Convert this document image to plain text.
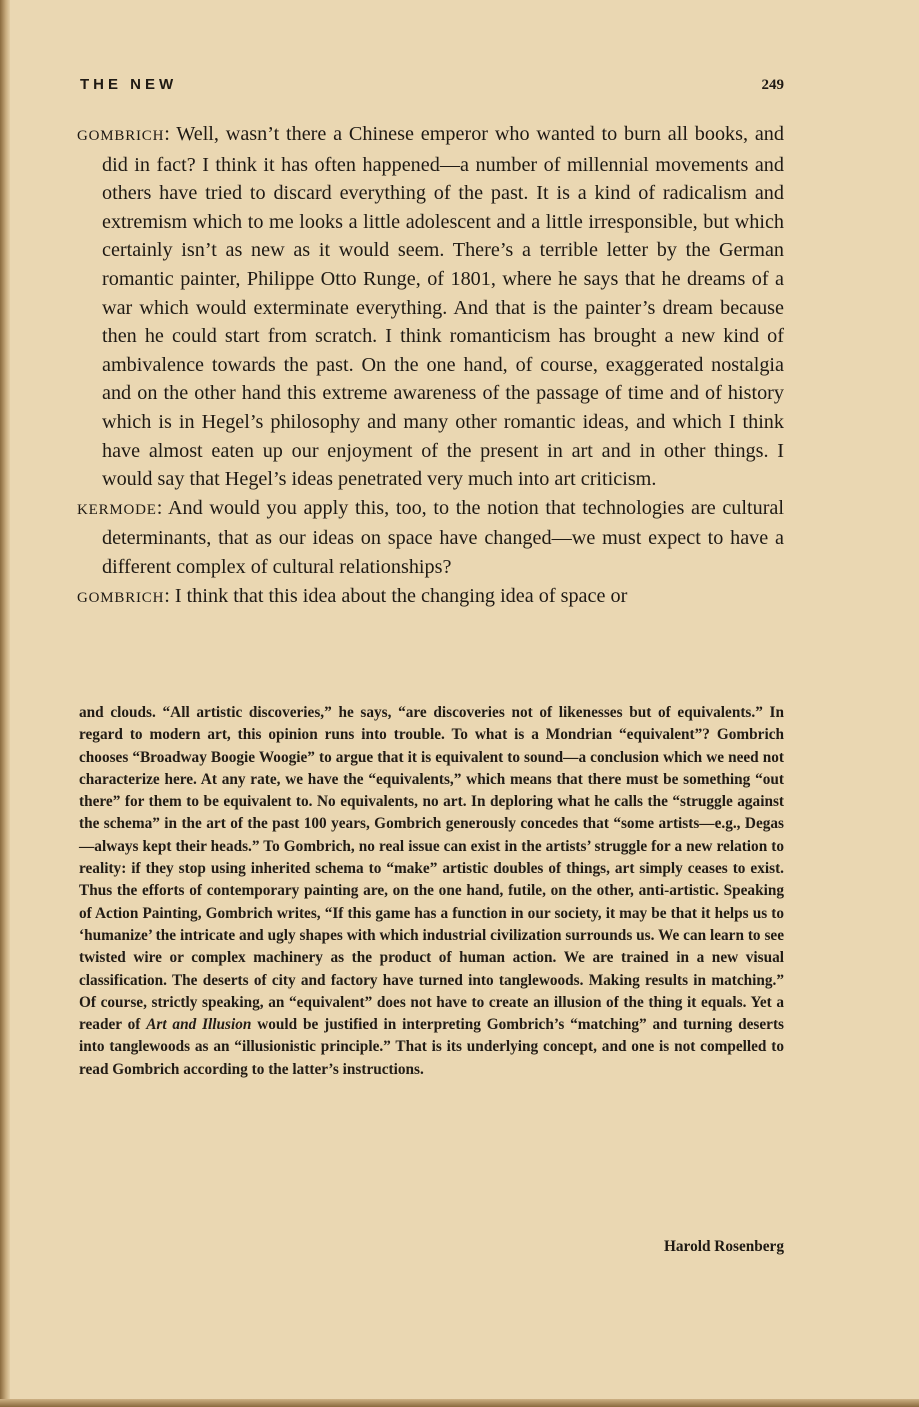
THE NEW	249

GOMBRICH: Well, wasn’t there a Chinese emperor who wanted to burn all books, and did in fact? I think it has often happened—a number of millennial movements and others have tried to discard everything of the past. It is a kind of radicalism and extremism which to me looks a little adolescent and a little irresponsible, but which certainly isn’t as new as it would seem. There’s a terrible letter by the German romantic painter, Philippe Otto Runge, of 1801, where he says that he dreams of a war which would exterminate everything. And that is the painter’s dream because then he could start from scratch. I think romanticism has brought a new kind of ambivalence towards the past. On the one hand, of course, exaggerated nostalgia and on the other hand this extreme awareness of the passage of time and of history which is in Hegel’s philosophy and many other romantic ideas, and which I think have almost eaten up our enjoyment of the present in art and in other things. I would say that Hegel’s ideas penetrated very much into art criticism.

KERMODE: And would you apply this, too, to the notion that technologies are cultural determinants, that as our ideas on space have changed—we must expect to have a different complex of cultural relationships?

GOMBRICH: I think that this idea about the changing idea of space or

and clouds. “All artistic discoveries,” he says, “are discoveries not of likenesses but of equivalents.” In regard to modern art, this opinion runs into trouble. To what is a Mondrian “equivalent”? Gombrich chooses “Broadway Boogie Woogie” to argue that it is equivalent to sound—a conclusion which we need not characterize here. At any rate, we have the “equivalents,” which means that there must be something “out there” for them to be equivalent to. No equivalents, no art. In deploring what he calls the “struggle against the schema” in the art of the past 100 years, Gombrich generously concedes that “some artists—e.g., Degas—always kept their heads.” To Gombrich, no real issue can exist in the artists’ struggle for a new relation to reality: if they stop using inherited schema to “make” artistic doubles of things, art simply ceases to exist. Thus the efforts of contemporary painting are, on the one hand, futile, on the other, anti-artistic. Speaking of Action Painting, Gombrich writes, “If this game has a function in our society, it may be that it helps us to ‘humanize’ the intricate and ugly shapes with which industrial civilization surrounds us. We can learn to see twisted wire or complex machinery as the product of human action. We are trained in a new visual classification. The deserts of city and factory have turned into tanglewoods. Making results in matching.” Of course, strictly speaking, an “equivalent” does not have to create an illusion of the thing it equals. Yet a reader of Art and Illusion would be justified in interpreting Gombrich’s “matching” and turning deserts into tanglewoods as an “illusionistic principle.” That is its underlying concept, and one is not compelled to read Gombrich according to the latter’s instructions.

Harold Rosenberg
